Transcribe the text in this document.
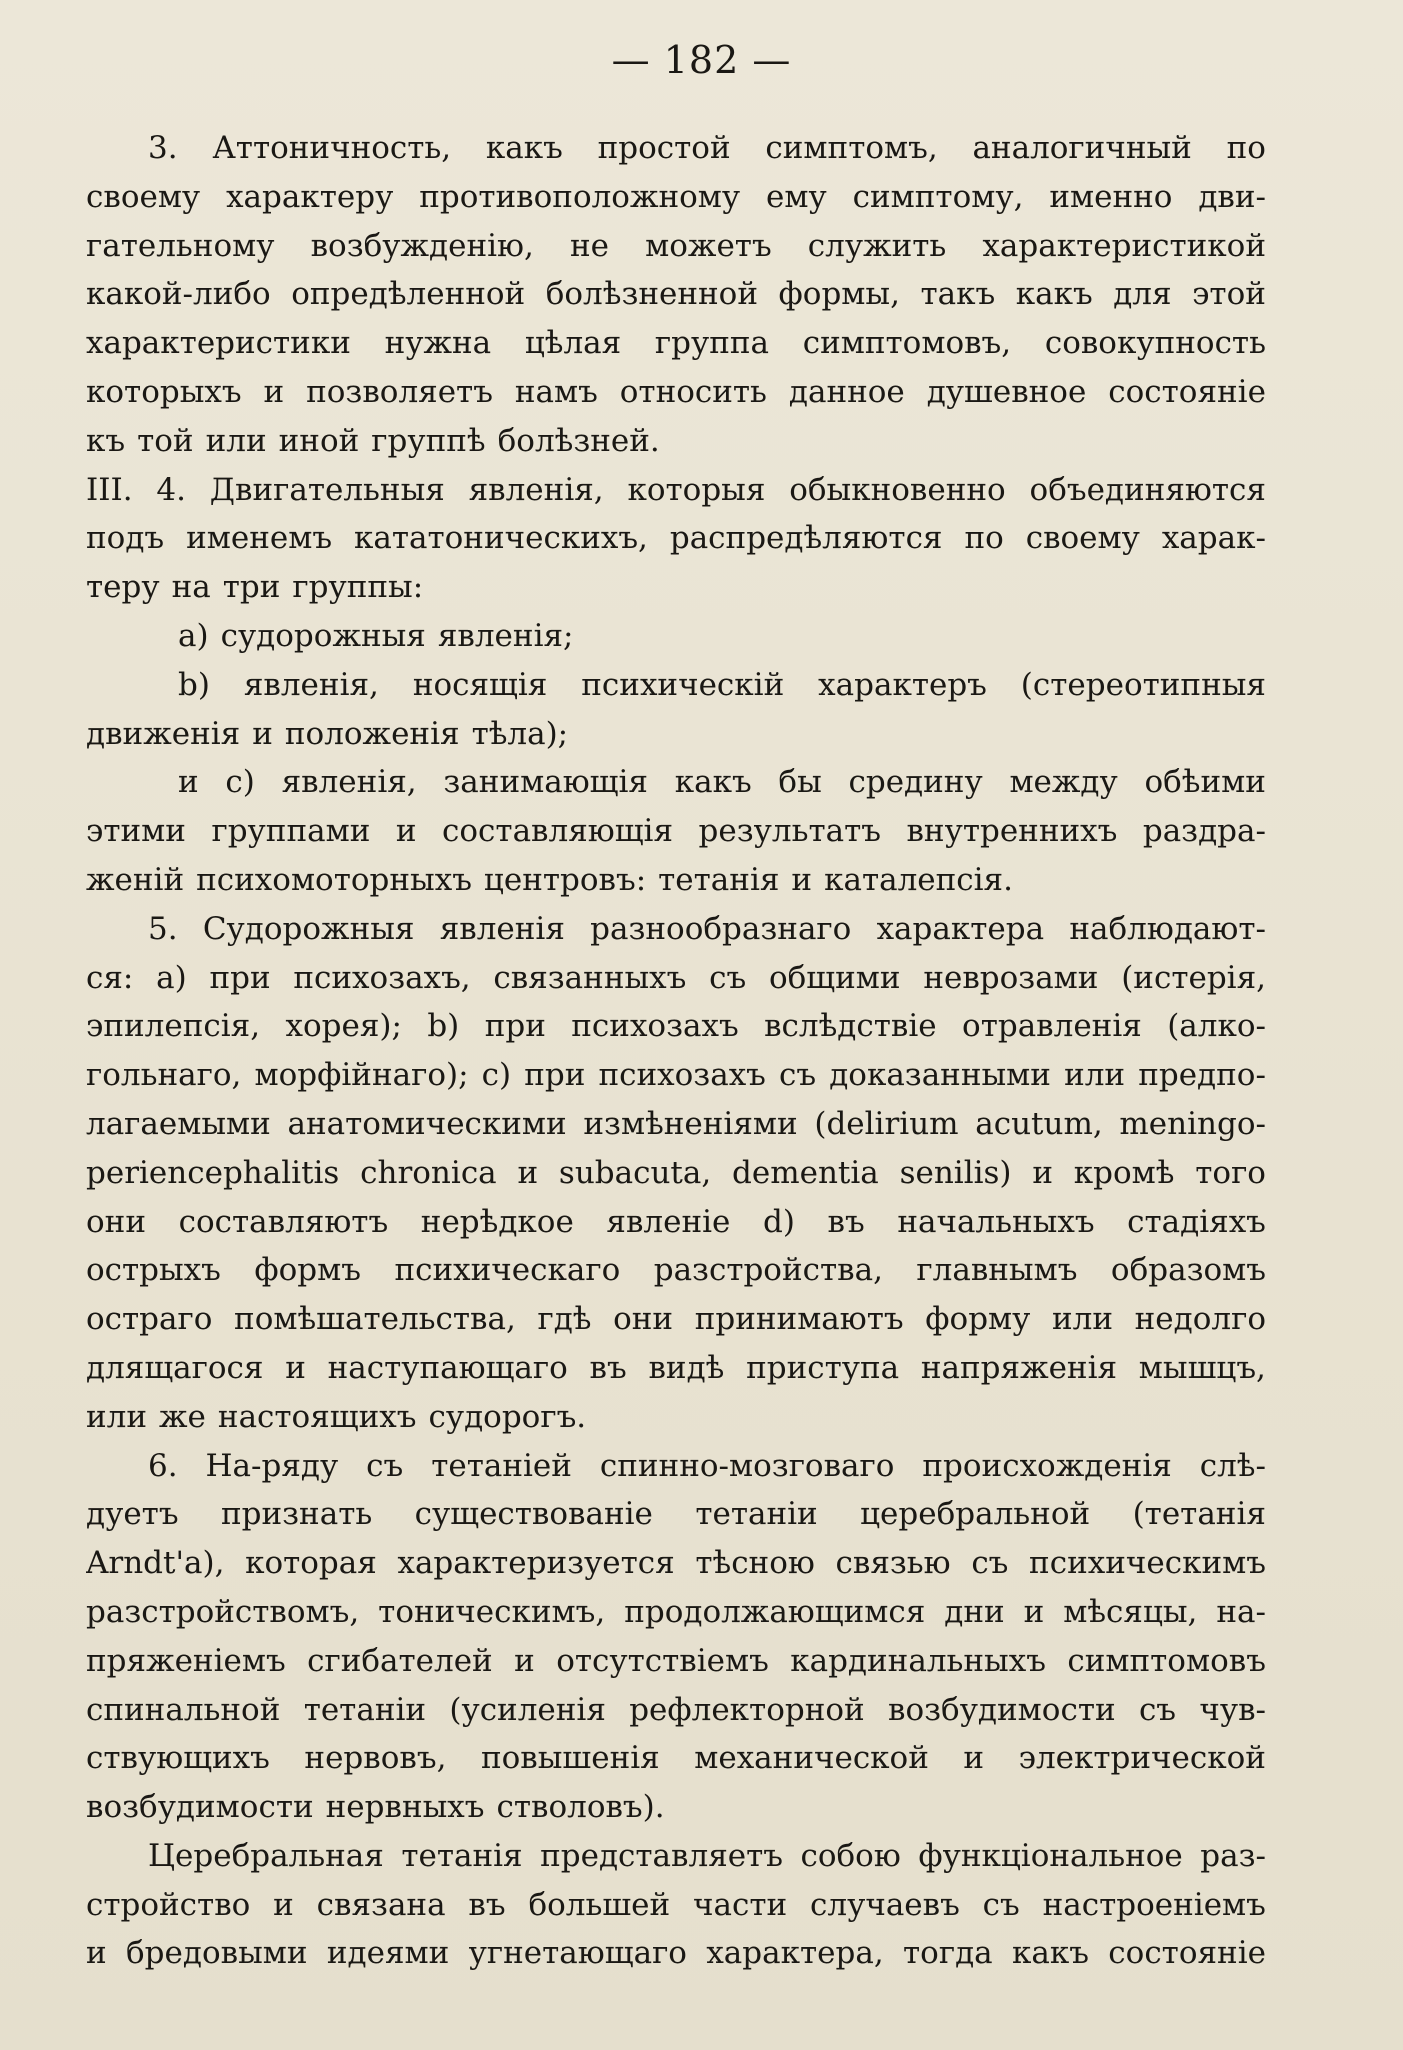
— 182 —
3. Аттоничность, какъ простой симптомъ, аналогичный по
своему характеру противоположному ему симптому, именно дви-
гательному возбужденію, не можетъ служить характеристикой
какой-либо опредѣленной болѣзненной формы, такъ какъ для этой
характеристики нужна цѣлая группа симптомовъ, совокупность
которыхъ и позволяетъ намъ относить данное душевное состояніе
къ той или иной группѣ болѣзней.
III. 4. Двигательныя явленія, которыя обыкновенно объединяются
подъ именемъ кататоническихъ, распредѣляются по своему харак-
теру на три группы:
a) судорожныя явленія;
b) явленія, носящія психическій характеръ (стереотипныя
движенія и положенія тѣла);
и c) явленія, занимающія какъ бы средину между обѣими
этими группами и составляющія результатъ внутреннихъ раздра-
женій психомоторныхъ центровъ: тетанія и каталепсія.
5. Судорожныя явленія разнообразнаго характера наблюдают-
ся: a) при психозахъ, связанныхъ съ общими неврозами (истерія,
эпилепсія, хорея); b) при психозахъ вслѣдствіе отравленія (алко-
гольнаго, морфійнаго); c) при психозахъ съ доказанными или предпо-
лагаемыми анатомическими измѣненіями (delirium acutum, meningo-
periencephalitis chronica и subacuta, dementia senilis) и кромѣ того
они составляютъ нерѣдкое явленіе d) въ начальныхъ стадіяхъ
острыхъ формъ психическаго разстройства, главнымъ образомъ
остраго помѣшательства, гдѣ они принимаютъ форму или недолго
длящагося и наступающаго въ видѣ приступа напряженія мышцъ,
или же настоящихъ судорогъ.
6. На-ряду съ тетаніей спинно-мозговаго происхожденія слѣ-
дуетъ признать существованіе тетаніи церебральной (тетанія
Arndt'a), которая характеризуется тѣсною связью съ психическимъ
разстройствомъ, тоническимъ, продолжающимся дни и мѣсяцы, на-
пряженіемъ сгибателей и отсутствіемъ кардинальныхъ симптомовъ
спинальной тетаніи (усиленія рефлекторной возбудимости съ чув-
ствующихъ нервовъ, повышенія механической и электрической
возбудимости нервныхъ стволовъ).
Церебральная тетанія представляетъ собою функціональное раз-
стройство и связана въ большей части случаевъ съ настроеніемъ
и бредовыми идеями угнетающаго характера, тогда какъ состояніе
